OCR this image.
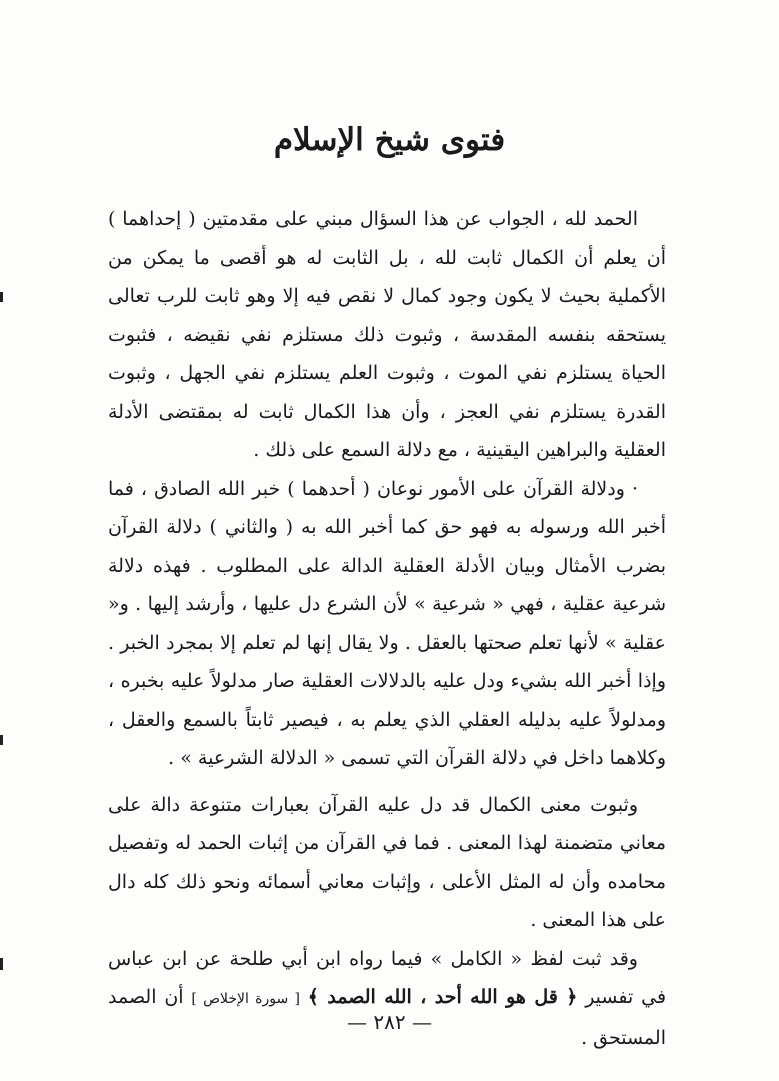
فتوى شيخ الإسلام

الحمد لله ، الجواب عن هذا السؤال مبني على مقدمتين ( إحداهما ) أن يعلم أن الكمال ثابت لله ، بل الثابت له هو أقصى ما يمكن من الأكملية بحيث لا يكون وجود كمال لا نقص فيه إلا وهو ثابت للرب تعالى يستحقه بنفسه المقدسة ، وثبوت ذلك مستلزم نفي نقيضه ، فثبوت الحياة يستلزم نفي الموت ، وثبوت العلم يستلزم نفي الجهل ، وثبوت القدرة يستلزم نفي العجز ، وأن هذا الكمال ثابت له بمقتضى الأدلة العقلية والبراهين اليقينية ، مع دلالة السمع على ذلك .

· ودلالة القرآن على الأمور نوعان ( أحدهما ) خبر الله الصادق ، فما أخبر الله ورسوله به فهو حق كما أخبر الله به ( والثاني ) دلالة القرآن بضرب الأمثال وبيان الأدلة العقلية الدالة على المطلوب . فهذه دلالة شرعية عقلية ، فهي « شرعية » لأن الشرع دل عليها ، وأرشد إليها . و« عقلية » لأنها تعلم صحتها بالعقل . ولا يقال إنها لم تعلم إلا بمجرد الخبر . وإذا أخبر الله بشيء ودل عليه بالدلالات العقلية صار مدلولاً عليه بخبره ، ومدلولاً عليه بدليله العقلي الذي يعلم به ، فيصير ثابتاً بالسمع والعقل ، وكلاهما داخل في دلالة القرآن التي تسمى « الدلالة الشرعية » .

وثبوت معنى الكمال قد دل عليه القرآن بعبارات متنوعة دالة على معاني متضمنة لهذا المعنى . فما في القرآن من إثبات الحمد له وتفصيل محامده وأن له المثل الأعلى ، وإثبات معاني أسمائه ونحو ذلك كله دال على هذا المعنى .

وقد ثبت لفظ « الكامل » فيما رواه ابن أبي طلحة عن ابن عباس في تفسير ﴿ قل هو الله أحد ، الله الصمد ﴾ [ سورة الإخلاص ] أن الصمد المستحق .

— ٢٨٢ —
